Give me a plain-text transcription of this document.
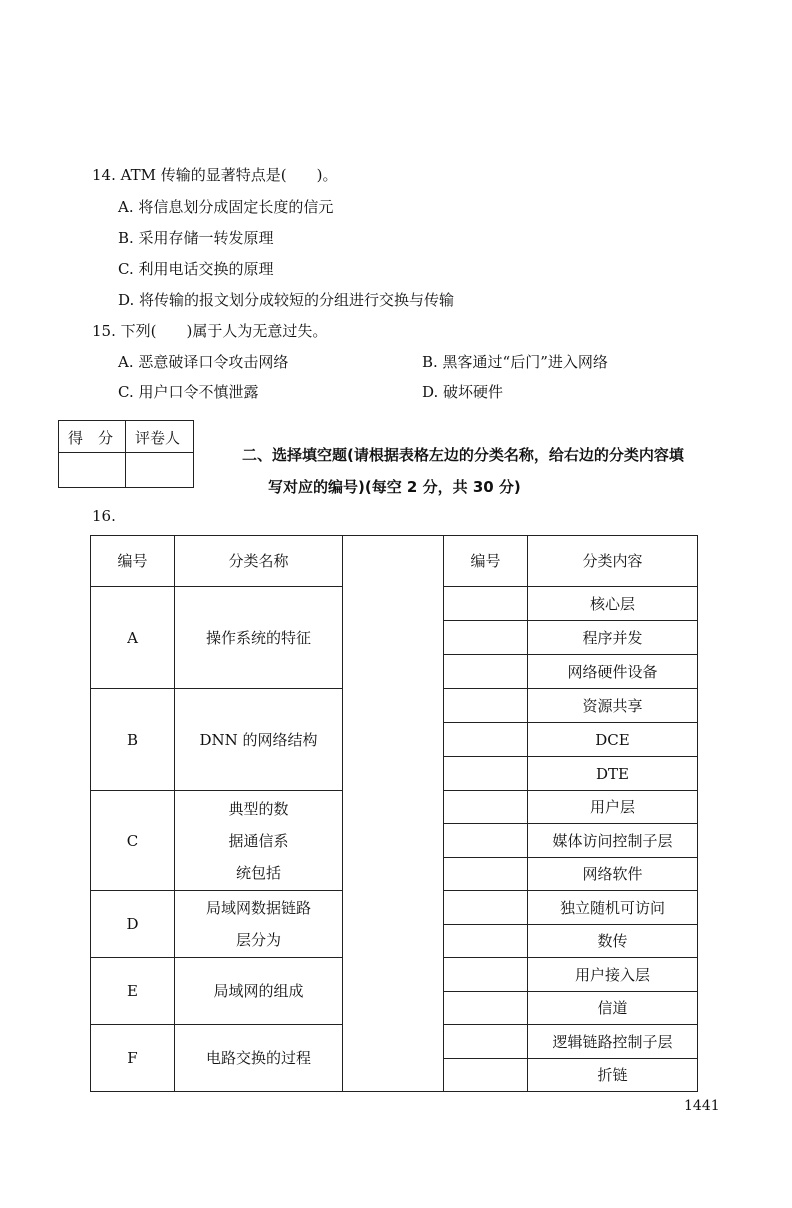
14. ATM 传输的显著特点是(　　)。
A. 将信息划分成固定长度的信元
B. 采用存储一转发原理
C. 利用电话交换的原理
D. 将传输的报文划分成较短的分组进行交换与传输
15. 下列(　　)属于人为无意过失。
A. 恶意破译口令攻击网络	B. 黑客通过“后门”进入网络
C. 用户口令不慎泄露	D. 破坏硬件
得　分 评卷人
二、选择填空题(请根据表格左边的分类名称，给右边的分类内容填
写对应的编号)(每空 2 分，共 30 分)
16.
编号	分类名称		编号	分类内容
A	操作系统的特征			核心层
				程序并发
				网络硬件设备
B	DNN 的网络结构			资源共享
				DCE
				DTE
C	典型的数据通信系统包括			用户层
				媒体访问控制子层
				网络软件
D	局域网数据链路层分为			独立随机可访问
				数传
E	局域网的组成			用户接入层
				信道
F	电路交换的过程			逻辑链路控制子层
				折链
1441
